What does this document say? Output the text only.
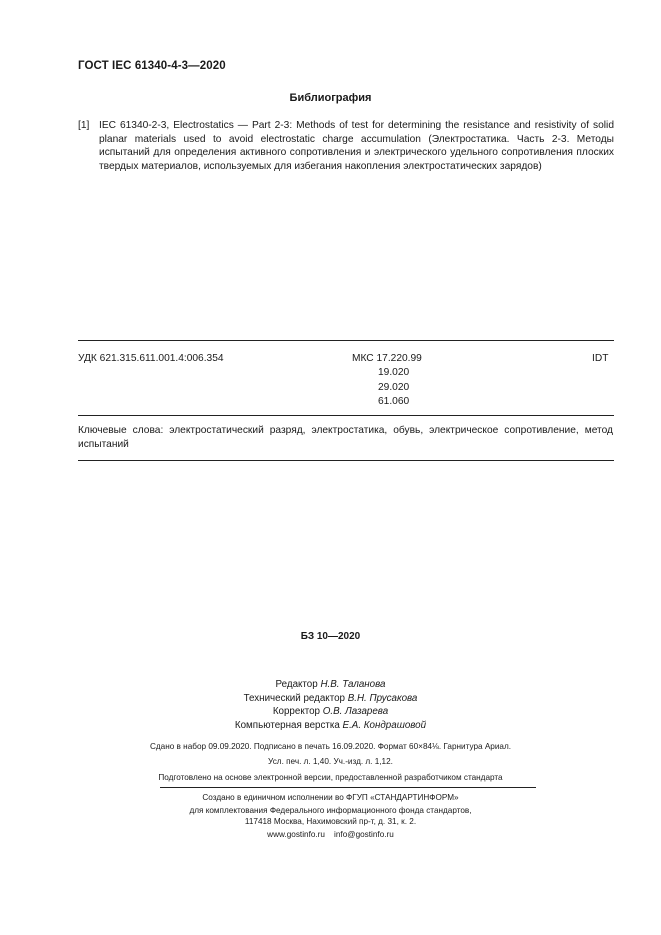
ГОСТ IEC 61340-4-3—2020
Библиография
[1] IEC 61340-2-3, Electrostatics — Part 2-3: Methods of test for determining the resistance and resistivity of solid planar materials used to avoid electrostatic charge accumulation (Электростатика. Часть 2-3. Методы испытаний для определения активного сопротивления и электрического удельного сопротивления плоских твердых материалов, используемых для избегания накопления электростатических зарядов)
УДК 621.315.611.001.4:006.354	МКС 17.220.99
19.020
29.020
61.060
IDT
Ключевые слова: электростатический разряд, электростатика, обувь, электрическое сопротивление, метод испытаний
БЗ 10—2020
Редактор Н.В. Таланова
Технический редактор В.Н. Прусакова
Корректор О.В. Лазарева
Компьютерная верстка Е.А. Кондрашовой
Сдано в набор 09.09.2020. Подписано в печать 16.09.2020. Формат 60×84⅛. Гарнитура Ариал.
Усл. печ. л. 1,40. Уч.-изд. л. 1,12.
Подготовлено на основе электронной версии, предоставленной разработчиком стандарта
Создано в единичном исполнении во ФГУП «СТАНДАРТИНФОРМ»
для комплектования Федерального информационного фонда стандартов,
117418 Москва, Нахимовский пр-т, д. 31, к. 2.
www.gostinfo.ru    info@gostinfo.ru
